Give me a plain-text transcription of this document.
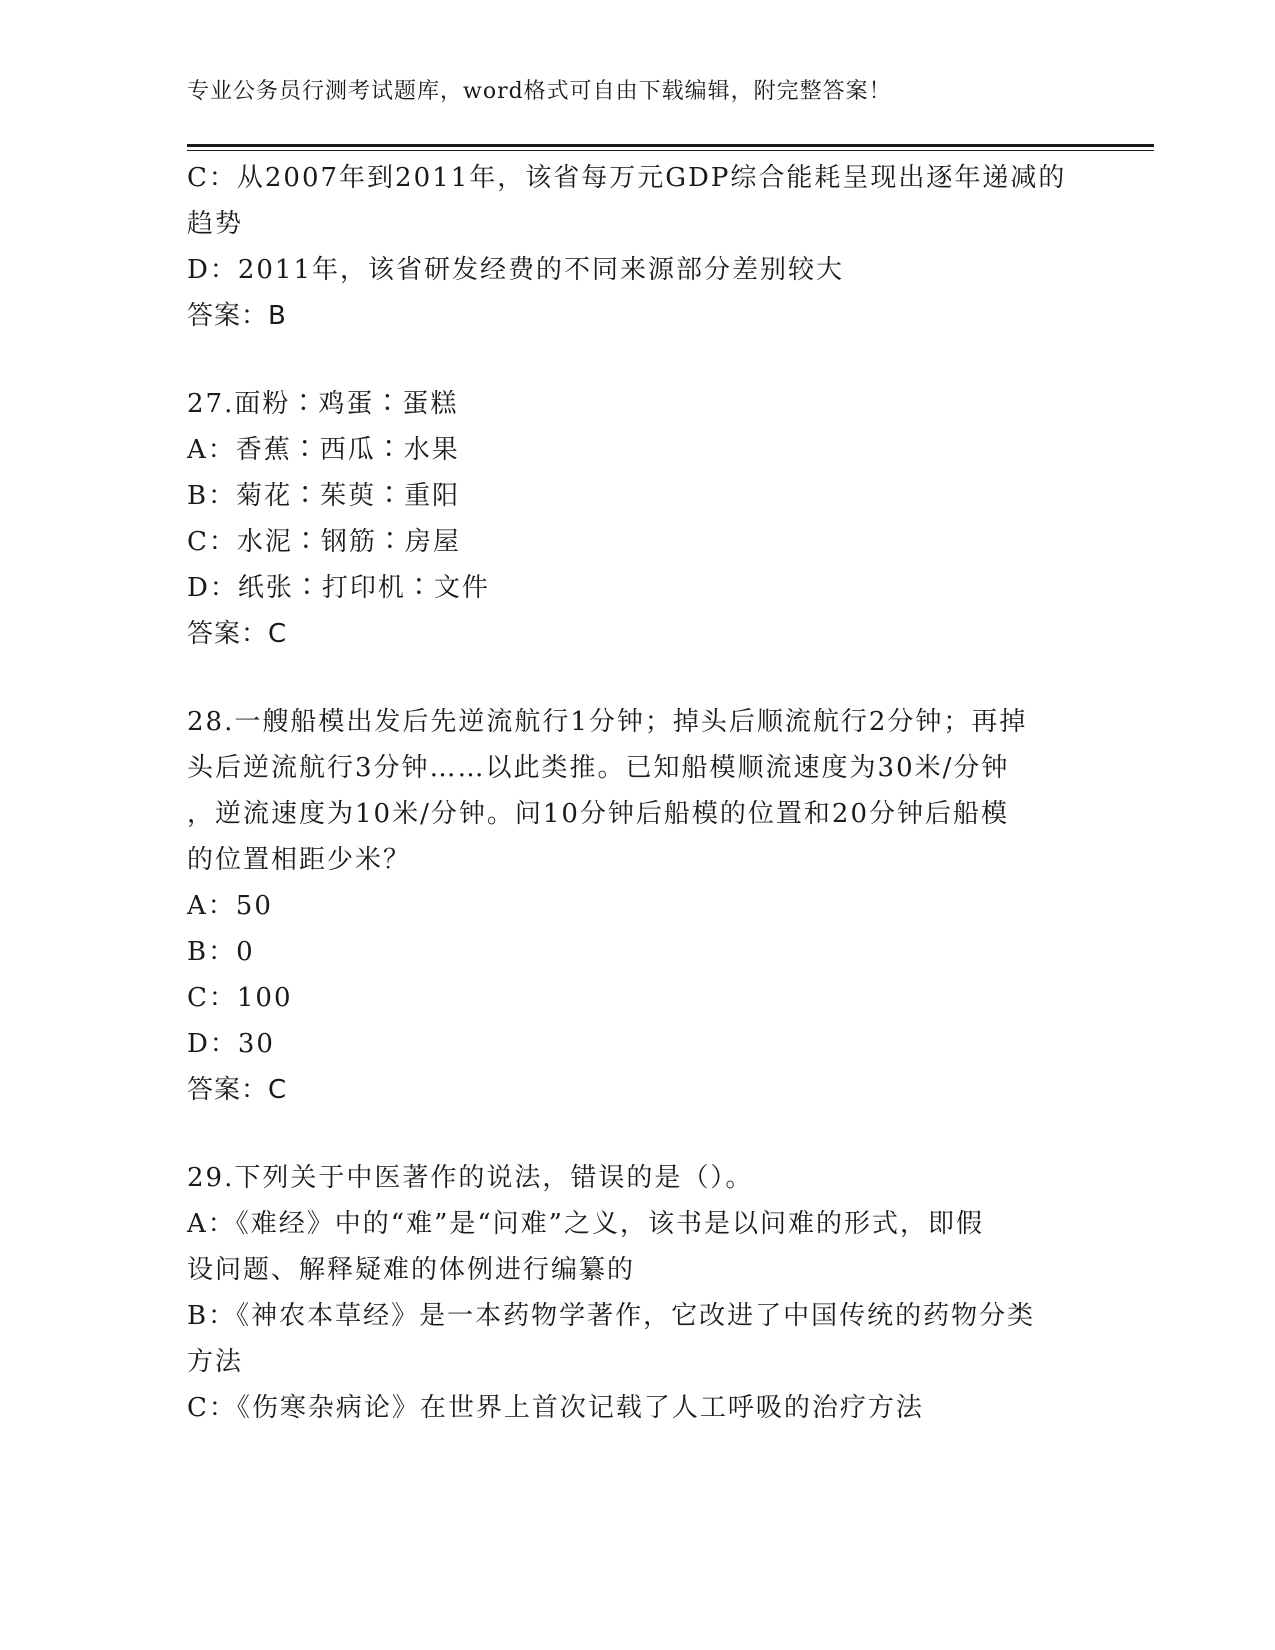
专业公务员行测考试题库，word格式可自由下载编辑，附完整答案！
C：从2007年到2011年，该省每万元GDP综合能耗呈现出逐年递减的
趋势
D：2011年，该省研发经费的不同来源部分差别较大
答案：B
27.面粉∶鸡蛋∶蛋糕
A：香蕉∶西瓜∶水果
B：菊花∶茱萸∶重阳
C：水泥∶钢筋∶房屋
D：纸张∶打印机∶文件
答案：C
28.一艘船模出发后先逆流航行1分钟；掉头后顺流航行2分钟；再掉
头后逆流航行3分钟……以此类推。已知船模顺流速度为30米/分钟
，逆流速度为10米/分钟。问10分钟后船模的位置和20分钟后船模
的位置相距少米？
A：50
B：0
C：100
D：30
答案：C
29.下列关于中医著作的说法，错误的是（）。
A：《难经》中的“难”是“问难”之义，该书是以问难的形式，即假
设问题、解释疑难的体例进行编纂的
B：《神农本草经》是一本药物学著作，它改进了中国传统的药物分类
方法
C：《伤寒杂病论》在世界上首次记载了人工呼吸的治疗方法
